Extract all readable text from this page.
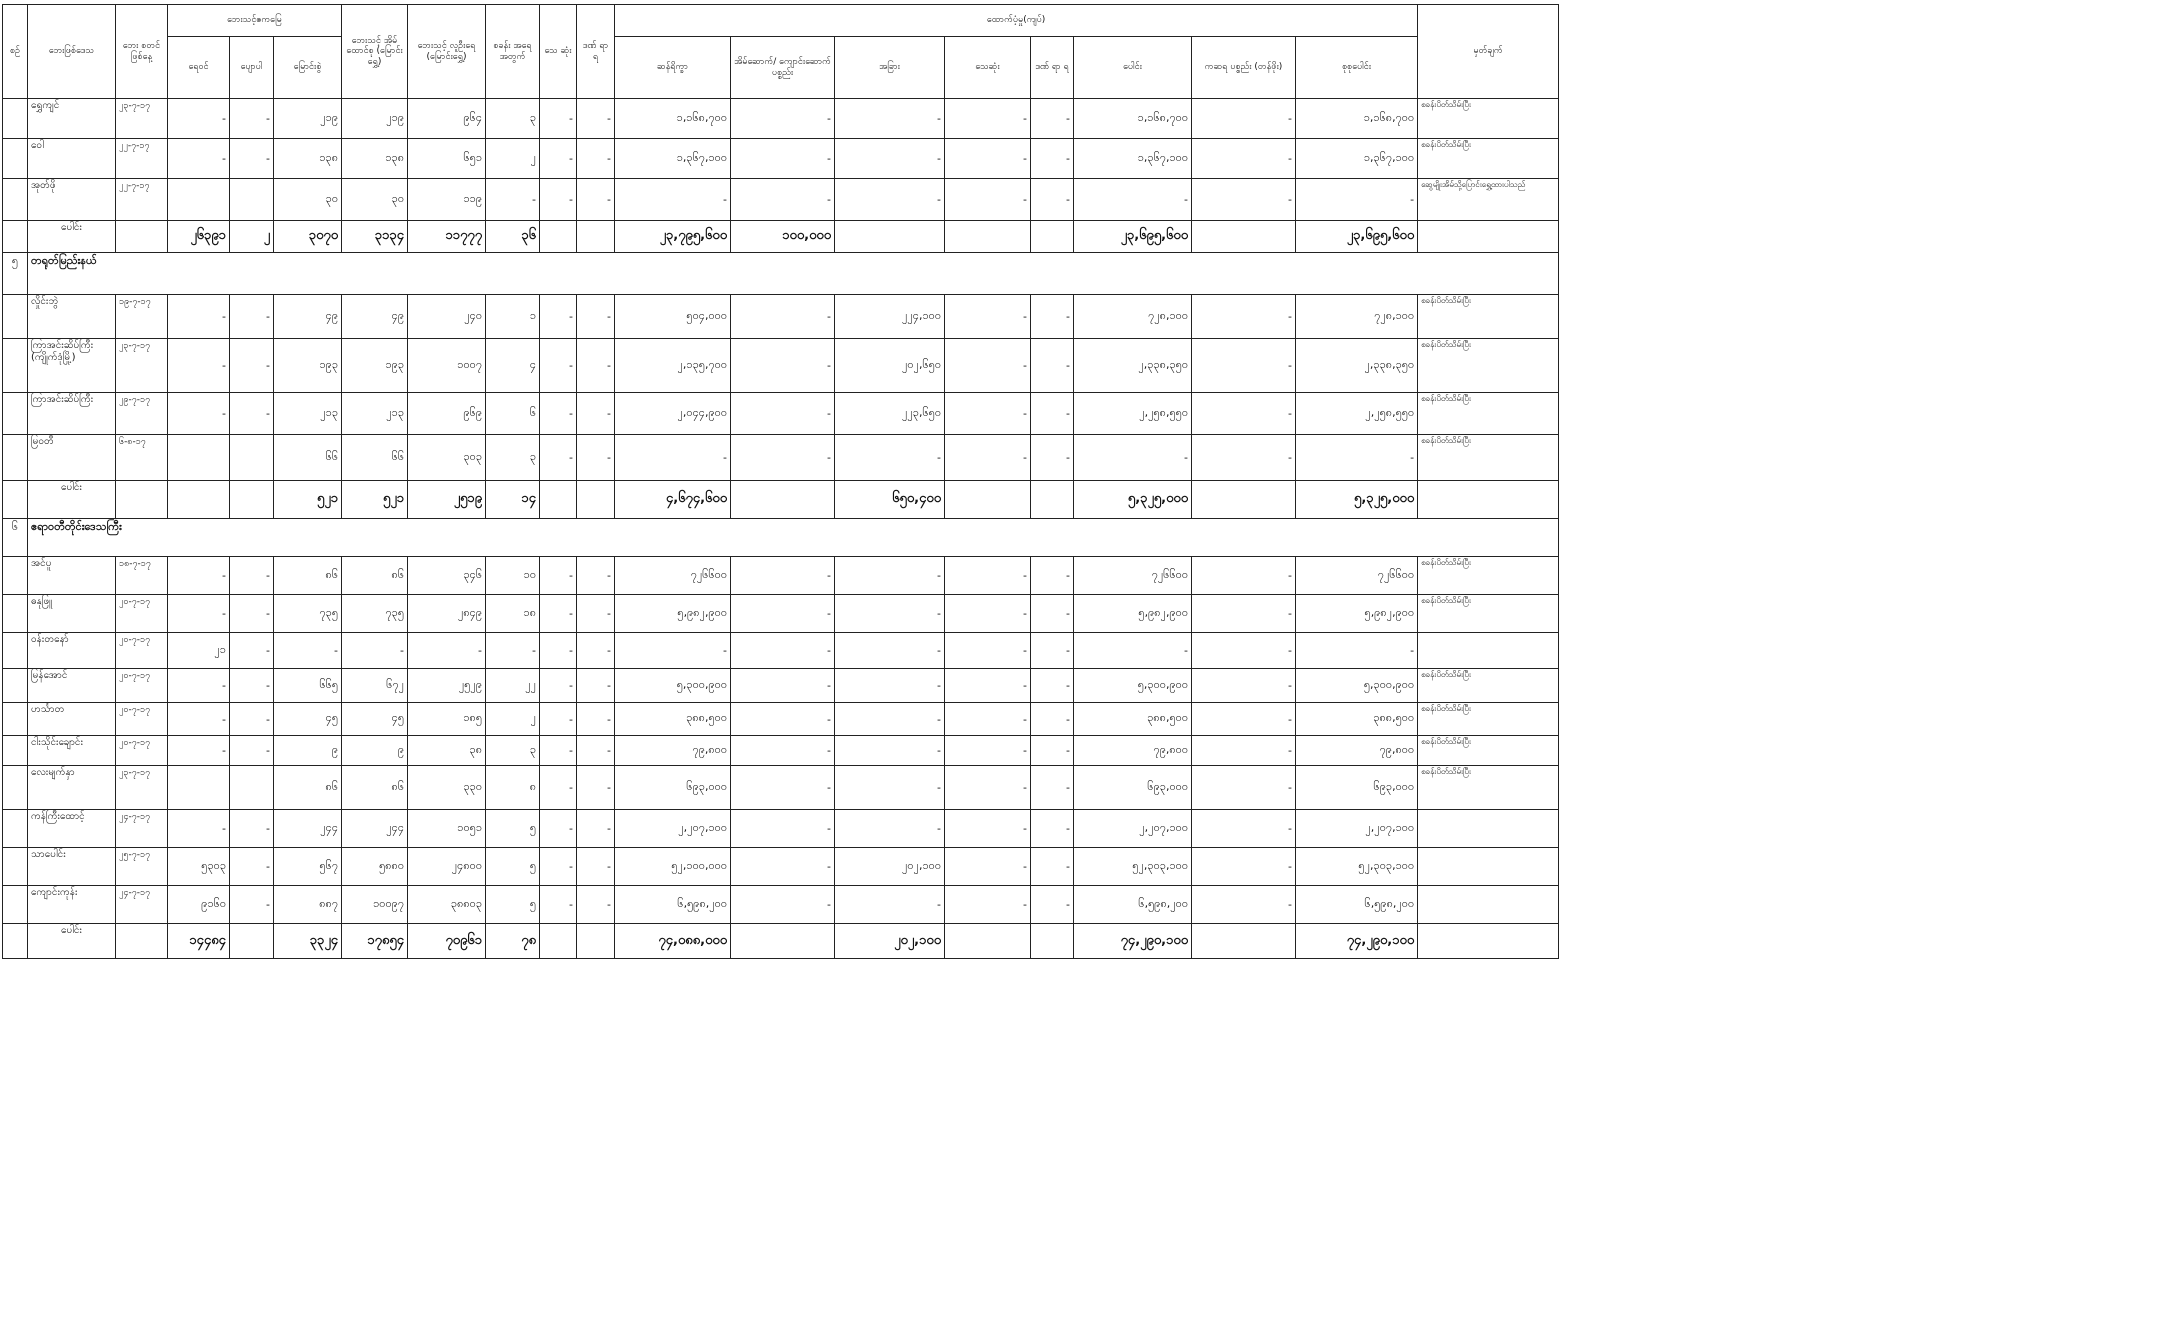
စဉ်	ဘေးဖြစ်ဒေသ	ဘေး စတင် ဖြစ်နေ့	ဘေးသင့်ဧကမြေ			ဘေးသင့် အိမ် ထောင်စု (မြောင်းရွှေ့)	ဘေးသင့် လူဦးရေ (မြောင်းရွှေ့)	စခန်း အရေ အတွက်	သေ ဆုံး	ဒဏ် ရာ ရ	ထောက်ပံ့မှု(ကျပ်)								မှတ်ချက်
			ရေဝင်	ပျောပါ	မြောင်းစွဲ						ဆန်ရိက္ခာ	အိမ်ဆောက်/ ကျောင်းဆောက် ပစ္စည်း	အခြား	သေဆုံး	ဒဏ် ရာ ရ	ပေါင်း	ကဆရ ပစ္စည်း (တန်ဖိုး)	စုစုပေါင်း	
	ရွှေကျင်	၂၃-၇-၁၇	-	-	၂၁၉	၂၁၉	၉၆၄	၃	-	-	၁,၁၆၈,၇၀၀	-	-	-	-	၁,၁၆၈,၇၀၀	-	၁,၁၆၈,၇၀၀	စခန်းပိတ်သိမ်းပြီး
	ဝေါ	၂၂-၇-၁၇	-	-	၁၃၈	၁၃၈	၆၅၁	၂	-	-	၁,၃၆၇,၁၀၀	-	-	-	-	၁,၃၆၇,၁၀၀	-	၁,၃၆၇,၁၀၀	စခန်းပိတ်သိမ်းပြီး
	အုတ်ဖို	၂၂-၇-၁၇			၃၀	၃၀	၁၁၉	-	-	-	-	-	-	-	-	-	-	-	ဆွေမျိုးအိမ်သို့ပြောင်းရွှေ့ထားပါသည်
	ပေါင်း		၂၆၃၉၁	၂	၃၀၇၀	၃၁၃၄	၁၁၇၇၇	၃၆			၂၃,၇၉၅,၆၀၀	၁၀၀,၀၀၀				၂၃,၆၉၅,၆၀၀		၂၃,၆၉၅,၆၀၀	
၅	တရုတ်မြည်းနယ်																		
	လှိုင်းဘွဲ	၁၉-၇-၁၇	-	-	၄၉	၄၉	၂၄၀	၁	-	-	၅၀၄,၀၀၀	-	၂၂၄,၁၀၀	-	-	၇၂၈,၁၀၀	-	၇၂၈,၁၀၀	စခန်းပိတ်သိမ်းပြီး
	ကြာအင်းဆိပ်ကြီး (ကျိုက်ဒုံမြို့)	၂၃-၇-၁၇	-	-	၁၉၃	၁၉၃	၁၀၀၇	၄	-	-	၂,၁၃၅,၇၀၀	-	၂၀၂,၆၅၀	-	-	၂,၃၃၈,၃၅၀	-	၂,၃၃၈,၃၅၀	စခန်းပိတ်သိမ်းပြီး
	ကြာအင်းဆိပ်ကြီး	၂၉-၇-၁၇	-	-	၂၁၃	၂၁၃	၉၆၉	၆	-	-	၂,၀၄၄,၉၀၀	-	၂၂၃,၆၅၀	-	-	၂,၂၅၈,၅၅၀	-	၂,၂၅၈,၅၅၀	စခန်းပိတ်သိမ်းပြီး
	မြဝတီ	၆-၈-၁၇			၆၆	၆၆	၃၀၃	၃	-	-	-	-	-	-	-	-	-	-	စခန်းပိတ်သိမ်းပြီး
	ပေါင်း				၅၂၁	၅၂၁	၂၅၁၉	၁၄			၄,၆၇၄,၆၀၀		၆၅၀,၄၀၀			၅,၃၂၅,၀၀၀		၅,၃၂၅,၀၀၀	
၆	ဧရာဝတီတိုင်းဒေသကြီး																		
	အင်ပူ	၁၈-၇-၁၇	-	-	၈၆	၈၆	၃၄၆	၁၀	-	-	၇၂၆၆၀၀	-	-	-	-	၇၂၆၆၀၀	-	၇၂၆၆၀၀	စခန်းပိတ်သိမ်းပြီး
	ဓနုဖြူ	၂၀-၇-၁၇	-	-	၇၃၅	၇၃၅	၂၈၄၉	၁၈	-	-	၅,၉၈၂,၉၀၀	-	-	-	-	၅,၉၈၂,၉၀၀	-	၅,၉၈၂,၉၀၀	စခန်းပိတ်သိမ်းပြီး
	ဝန်းတနော်	၂၀-၇-၁၇	၂၁	-	-	-	-	-	-	-	-	-	-	-	-	-	-	-	
	မြန်အောင်	၂၀-၇-၁၇	-	-	၆၆၅	၆၇၂	၂၅၂၉	၂၂	-	-	၅,၃၀၀,၉၀၀	-	-	-	-	၅,၃၀၀,၉၀၀	-	၅,၃၀၀,၉၀၀	စခန်းပိတ်သိမ်းပြီး
	ဟင်္သာတ	၂၀-၇-၁၇	-	-	၄၅	၄၅	၁၈၅	၂	-	-	၃၈၈,၅၀၀	-	-	-	-	၃၈၈,၅၀၀	-	၃၈၈,၅၀၀	စခန်းပိတ်သိမ်းပြီး
	ငါးသိုင်းချောင်း	၂၀-၇-၁၇	-	-	၉	၉	၃၈	၃	-	-	၇၉,၈၀၀	-	-	-	-	၇၉,၈၀၀	-	၇၉,၈၀၀	စခန်းပိတ်သိမ်းပြီး
	လေးမျက်နှာ	၂၃-၇-၁၇			၈၆	၈၆	၃၃၀	၈	-	-	၆၉၃,၀၀၀	-	-	-	-	၆၉၃,၀၀၀	-	၆၉၃,၀၀၀	စခန်းပိတ်သိမ်းပြီး
	ကန်ကြီးထောင့်	၂၄-၇-၁၇	-	-	၂၄၄	၂၄၄	၁၀၅၁	၅	-	-	၂,၂၀၇,၁၀၀	-	-	-	-	၂,၂၀၇,၁၀၀	-	၂,၂၀၇,၁၀၀	
	သာပေါင်း	၂၅-၇-၁၇	၅၃၀၃	-	၅၆၇	၅၈၈၀	၂၄၈၀၀	၅	-	-	၅၂,၁၀၀,၀၀၀	-	၂၀၂,၁၀၀	-	-	၅၂,၃၀၃,၁၀၀	-	၅၂,၃၀၃,၁၀၀	
	ကျောင်းကုန်း	၂၄-၇-၁၇	၉၁၆၀	-	၈၈၇	၁၀၀၉၇	၃၈၈၀၃	၅	-	-	၆,၅၉၈,၂၀၀	-	-	-	-	၆,၅၉၈,၂၀၀	-	၆,၅၉၈,၂၀၀	
	ပေါင်း		၁၄၄၈၄		၃၃၂၄	၁၇၈၅၄	၇၀၉၆၁	၇၈			၇၄,၀၈၈,၀၀၀		၂၀၂,၁၀၀			၇၄,၂၉၀,၁၀၀		၇၄,၂၉၀,၁၀၀	
